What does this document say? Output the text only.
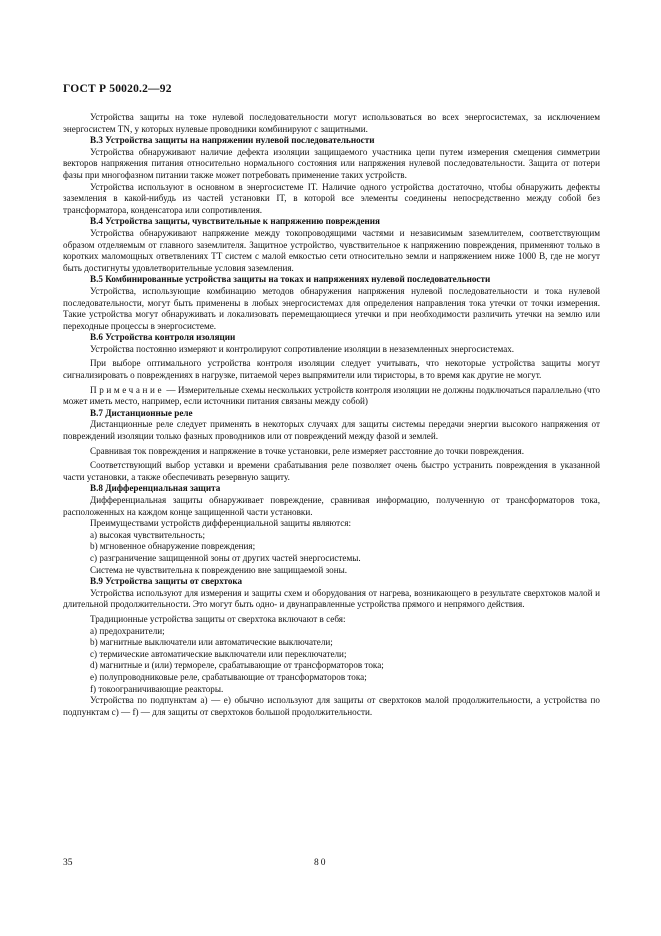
ГОСТ Р 50020.2—92

Устройства защиты на токе нулевой последовательности могут использоваться во всех энергосистемах, за исключением энергосистем TN, у которых нулевые проводники комбинируют с защитными.

В.3 Устройства защиты на напряжении нулевой последовательности

Устройства обнаруживают наличие дефекта изоляции защищаемого участника цепи путем измерения смещения симметрии векторов напряжения питания относительно нормального состояния или напряжения нулевой последовательности. Защита от потери фазы при многофазном питании также может потребовать применение таких устройств.

Устройства используют в основном в энергосистеме IT. Наличие одного устройства достаточно, чтобы обнаружить дефекты заземления в какой-нибудь из частей установки IT, в которой все элементы соединены непосредственно между собой без трансформатора, конденсатора или сопротивления.

В.4 Устройства защиты, чувствительные к напряжению повреждения

Устройства обнаруживают напряжение между токопроводящими частями и независимым заземлителем, соответствующим образом отделяемым от главного заземлителя. Защитное устройство, чувствительное к напряжению повреждения, применяют только в коротких маломощных ответвлениях TT систем с малой емкостью сети относительно земли и напряжением ниже 1000 В, где не могут быть достигнуты удовлетворительные условия заземления.

В.5 Комбинированные устройства защиты на токах и напряжениях нулевой последовательности

Устройства, использующие комбинацию методов обнаружения напряжения нулевой последовательности и тока нулевой последовательности, могут быть применены в любых энергосистемах для определения направления тока утечки от точки измерения. Такие устройства могут обнаруживать и локализовать перемещающиеся утечки и при необходимости различить утечки на землю или переходные процессы в энергосистеме.

В.6 Устройства контроля изоляции

Устройства постоянно измеряют и контролируют сопротивление изоляции в незаземленных энергосистемах.

При выборе оптимального устройства контроля изоляции следует учитывать, что некоторые устройства защиты могут сигнализировать о повреждениях в нагрузке, питаемой через выпрямители или тиристоры, в то время как другие не могут.

Примечание — Измерительные схемы нескольких устройств контроля изоляции не должны подключаться параллельно (что может иметь место, например, если источники питания связаны между собой)

В.7 Дистанционные реле

Дистанционные реле следует применять в некоторых случаях для защиты системы передачи энергии высокого напряжения от повреждений изоляции только фазных проводников или от повреждений между фазой и землей.

Сравнивая ток повреждения и напряжение в точке установки, реле измеряет расстояние до точки повреждения.

Соответствующий выбор уставки и времени срабатывания реле позволяет очень быстро устранить повреждения в указанной части установки, а также обеспечивать резервную защиту.

В.8 Дифференциальная защита

Дифференциальная защиты обнаруживает повреждение, сравнивая информацию, полученную от трансформаторов тока, расположенных на каждом конце защищенной части установки.

Преимуществами устройств дифференциальной защиты являются:

a) высокая чувствительность;

b) мгновенное обнаружение повреждения;

c) разграничение защищенной зоны от других частей энергосистемы.

Система не чувствительна к повреждению вне защищаемой зоны.

В.9 Устройства защиты от сверхтока

Устройства используют для измерения и защиты схем и оборудования от нагрева, возникающего в результате сверхтоков малой и длительной продолжительности. Это могут быть одно- и двунаправленные устройства прямого и непрямого действия.

Традиционные устройства защиты от сверхтока включают в себя:

a) предохранители;

b) магнитные выключатели или автоматические выключатели;

c) термические автоматические выключатели или переключатели;

d) магнитные и (или) термореле, срабатывающие от трансформаторов тока;

e) полупроводниковые реле, срабатывающие от трансформаторов тока;

f) токоограничивающие реакторы.

Устройства по подпунктам a) — e) обычно используют для защиты от сверхтоков малой продолжительности, а устройства по подпунктам c) — f) — для защиты от сверхтоков большой продолжительности.

35	80
